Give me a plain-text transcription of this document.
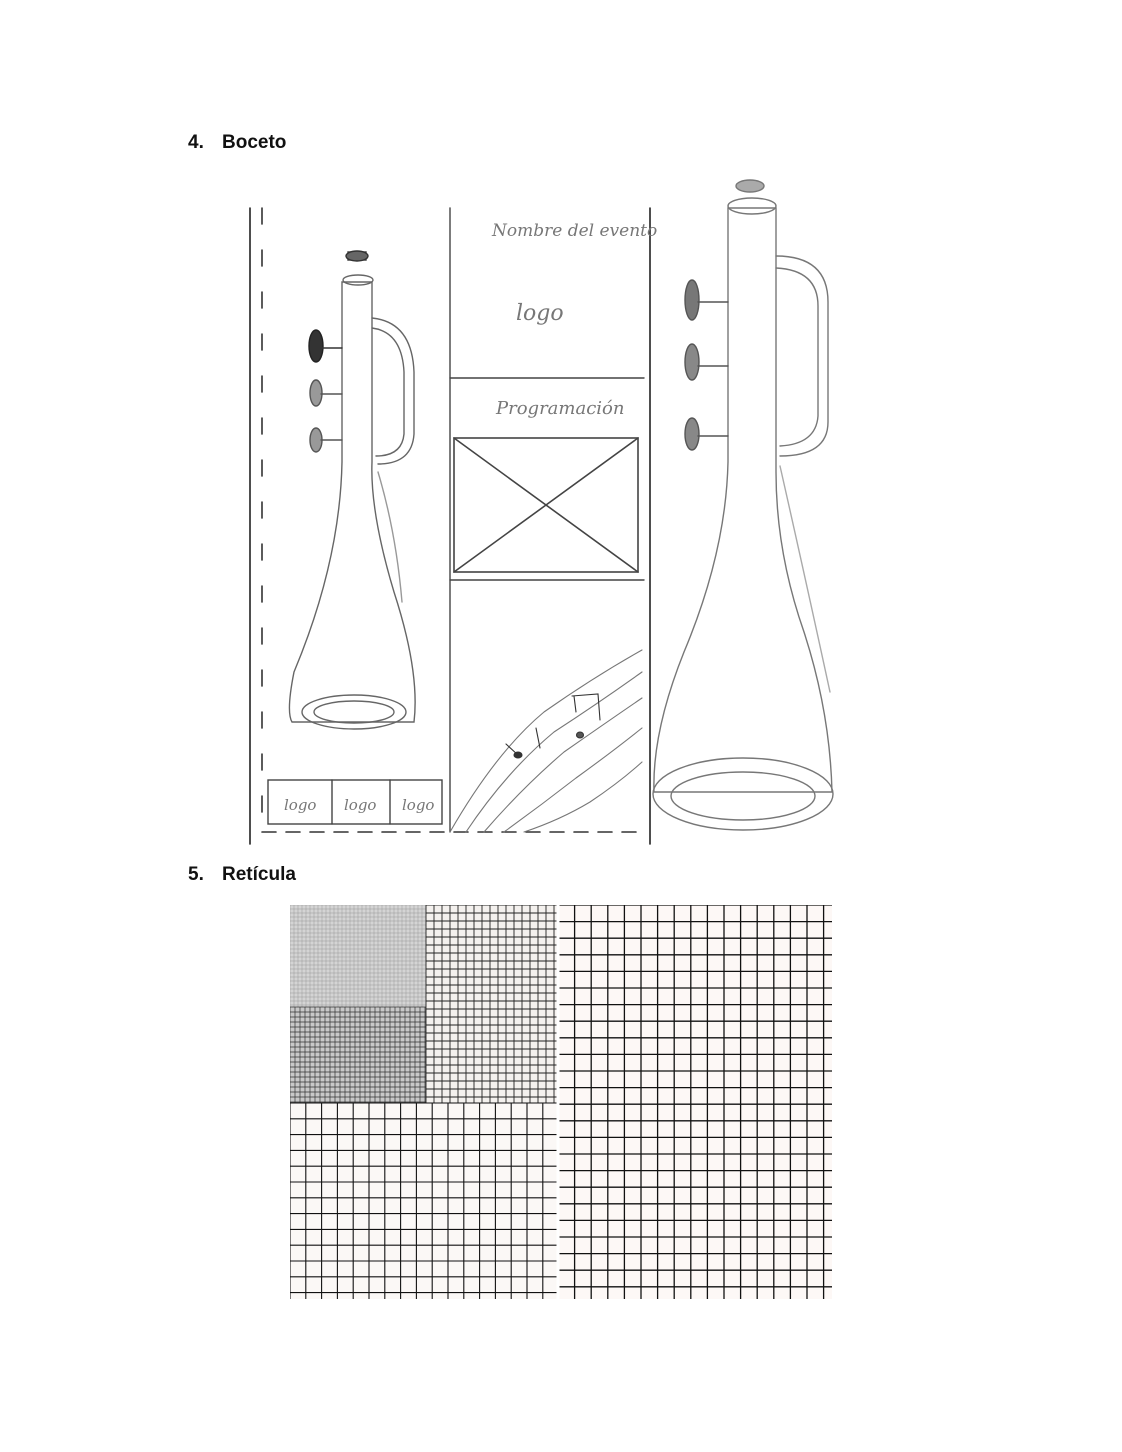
4. Boceto
Nombre del evento
logo
Programación
logo logo logo
5. Retícula
